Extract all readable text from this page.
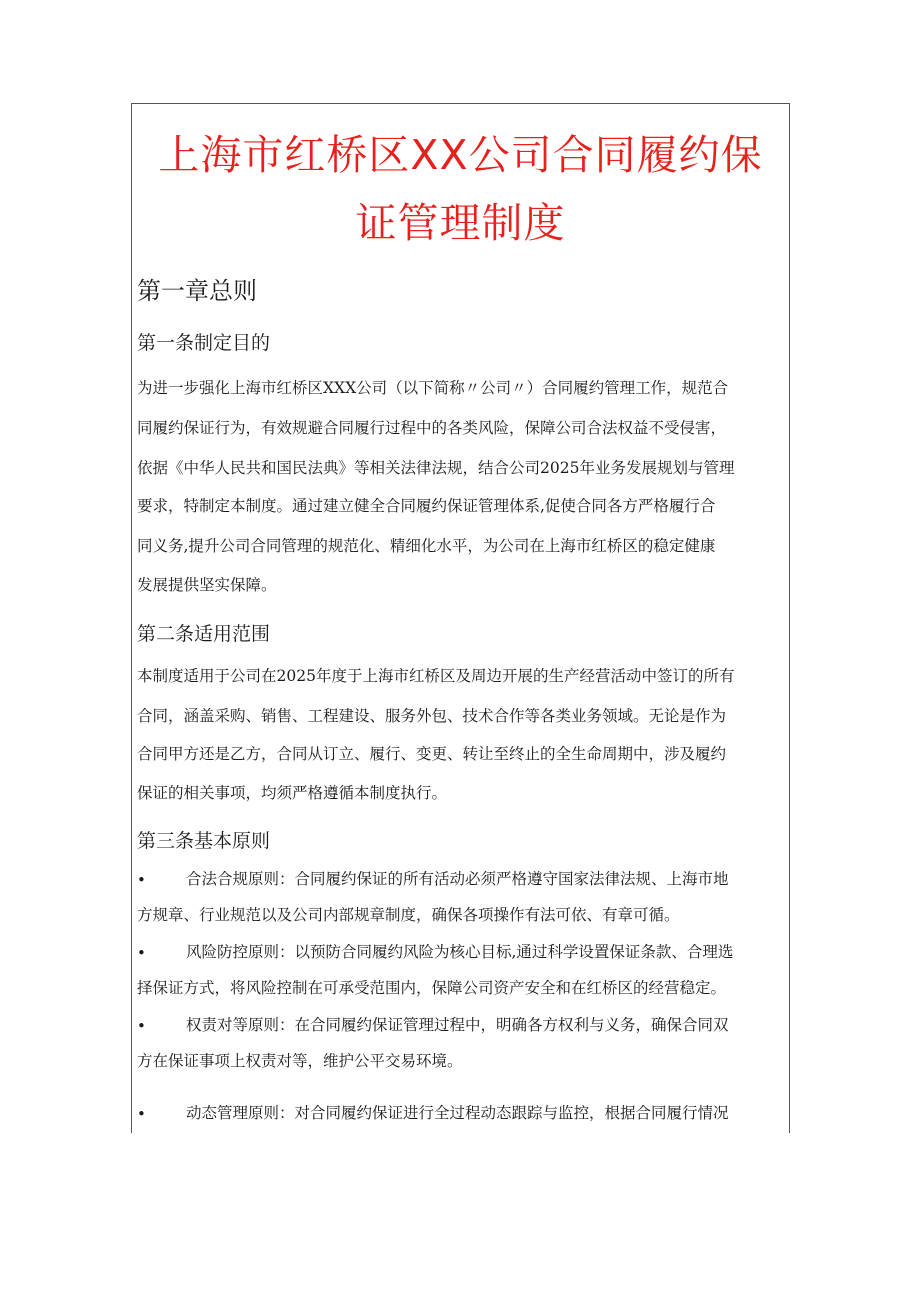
上海市红桥区XX公司合同履约保
证管理制度
第一章总则
第一条制定目的
为进一步强化上海市红桥区XXX公司（以下简称〃公司〃）合同履约管理工作，规范合
同履约保证行为，有效规避合同履行过程中的各类风险，保障公司合法权益不受侵害，
依据《中华人民共和国民法典》等相关法律法规，结合公司2025年业务发展规划与管理
要求，特制定本制度。通过建立健全合同履约保证管理体系,促使合同各方严格履行合
同义务,提升公司合同管理的规范化、精细化水平，为公司在上海市红桥区的稳定健康
发展提供坚实保障。
第二条适用范围
本制度适用于公司在2025年度于上海市红桥区及周边开展的生产经营活动中签订的所有
合同，涵盖采购、销售、工程建设、服务外包、技术合作等各类业务领域。无论是作为
合同甲方还是乙方，合同从订立、履行、变更、转让至终止的全生命周期中，涉及履约
保证的相关事项，均须严格遵循本制度执行。
第三条基本原则
•	合法合规原则：合同履约保证的所有活动必须严格遵守国家法律法规、上海市地
方规章、行业规范以及公司内部规章制度，确保各项操作有法可依、有章可循。
•	风险防控原则：以预防合同履约风险为核心目标,通过科学设置保证条款、合理选
择保证方式，将风险控制在可承受范围内，保障公司资产安全和在红桥区的经营稳定。
•	权责对等原则：在合同履约保证管理过程中，明确各方权利与义务，确保合同双
方在保证事项上权责对等，维护公平交易环境。
•	动态管理原则：对合同履约保证进行全过程动态跟踪与监控，根据合同履行情况
